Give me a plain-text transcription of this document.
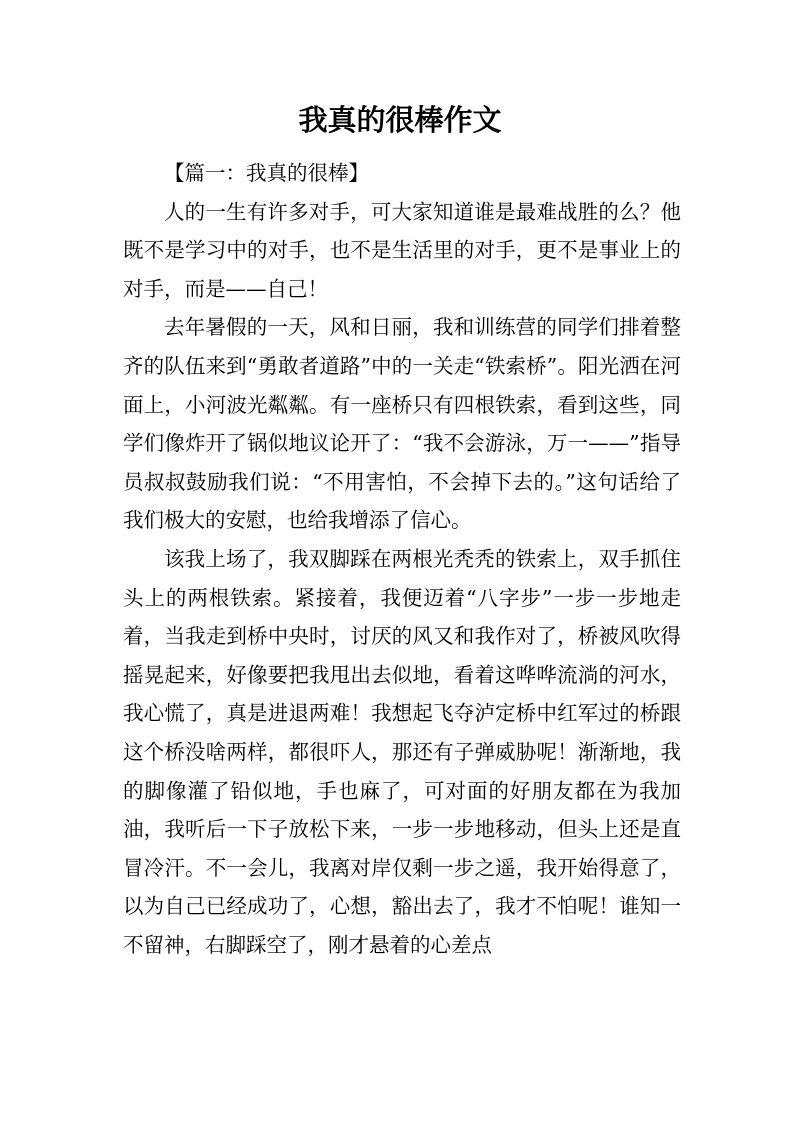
我真的很棒作文

【篇一：我真的很棒】

人的一生有许多对手，可大家知道谁是最难战胜的么？他既不是学习中的对手，也不是生活里的对手，更不是事业上的对手，而是——自己！

去年暑假的一天，风和日丽，我和训练营的同学们排着整齐的队伍来到“勇敢者道路”中的一关走“铁索桥”。阳光洒在河面上，小河波光粼粼。有一座桥只有四根铁索，看到这些，同学们像炸开了锅似地议论开了：“我不会游泳，万一——”指导员叔叔鼓励我们说：“不用害怕，不会掉下去的。”这句话给了我们极大的安慰，也给我增添了信心。

该我上场了，我双脚踩在两根光秃秃的铁索上，双手抓住头上的两根铁索。紧接着，我便迈着“八字步”一步一步地走着，当我走到桥中央时，讨厌的风又和我作对了，桥被风吹得摇晃起来，好像要把我甩出去似地，看着这哗哗流淌的河水，我心慌了，真是进退两难！我想起飞夺泸定桥中红军过的桥跟这个桥没啥两样，都很吓人，那还有子弹威胁呢！渐渐地，我的脚像灌了铅似地，手也麻了，可对面的好朋友都在为我加油，我听后一下子放松下来，一步一步地移动，但头上还是直冒冷汗。不一会儿，我离对岸仅剩一步之遥，我开始得意了，以为自己已经成功了，心想，豁出去了，我才不怕呢！谁知一不留神，右脚踩空了，刚才悬着的心差点
